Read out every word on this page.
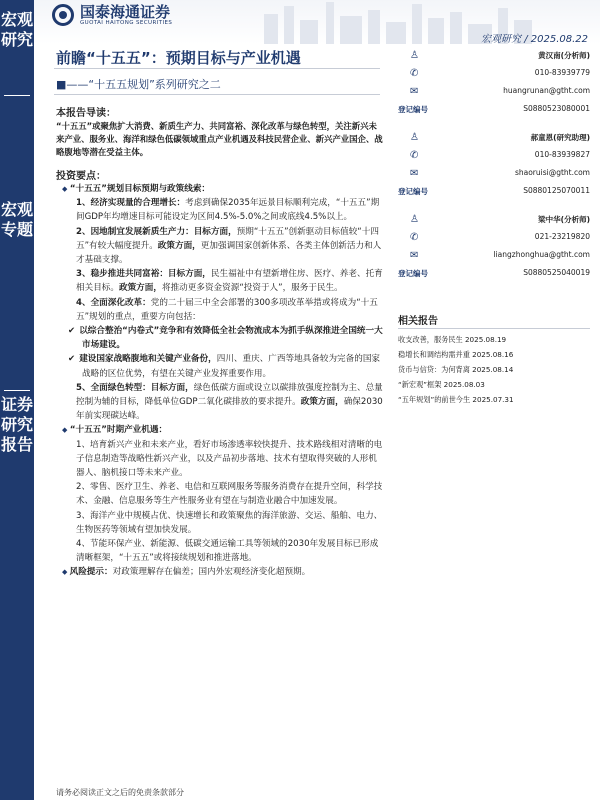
宏观研究
宏观专题
证券研究报告
国泰海通证券
GUOTAI HAITONG SECURITIES
宏观研究 / 2025.08.22
前瞻“十五五”：预期目标与产业机遇
■——“十五五规划”系列研究之二
本报告导读：
“十五五”或聚焦扩大消费、新质生产力、共同富裕、深化改革与绿色转型，关注新兴未来产业、服务业、海洋和绿色低碳领域重点产业机遇及科技民营企业、新兴产业国企、战略腹地等潜在受益主体。
投资要点：

◆ “十五五”规划目标预期与政策线索：

1、经济实现量的合理增长：考虑到确保2035年远景目标顺利完成，“十五五”期间GDP年均增速目标可能设定为区间4.5%-5.0%之间或底线4.5%以上。

2、因地制宜发展新质生产力：目标方面，预期“十五五”创新驱动目标值较“十四五”有较大幅度提升。政策方面，更加强调国家创新体系、各类主体创新活力和人才基础支撑。

3、稳步推进共同富裕：目标方面，民生福祉中有望新增住房、医疗、养老、托育相关目标。政策方面，将推动更多资金资源“投资于人”，服务于民生。

4、全面深化改革：党的二十届三中全会部署的300多项改革举措或将成为“十五五”规划的重点，重要方向包括：

✔ 以综合整治“内卷式”竞争和有效降低全社会物流成本为抓手纵深推进全国统一大市场建设。

✔ 建设国家战略腹地和关键产业备份，四川、重庆、广西等地具备较为完备的国家战略的区位优势，有望在关键产业发挥重要作用。

5、全面绿色转型：目标方面，绿色低碳方面或设立以碳排放强度控制为主、总量控制为辅的目标，降低单位GDP二氧化碳排放的要求提升。政策方面，确保2030年前实现碳达峰。

◆ “十五五”时期产业机遇：

1、培育新兴产业和未来产业，看好市场渗透率较快提升、技术路线相对清晰的电子信息制造等战略性新兴产业，以及产品初步落地、技术有望取得突破的人形机器人、脑机接口等未来产业。

2、零售、医疗卫生、养老、电信和互联网服务等服务消费存在提升空间，科学技术、金融、信息服务等生产性服务业有望在与制造业融合中加速发展。

3、海洋产业中规模占优、快速增长和政策聚焦的海洋旅游、交运、船舶、电力、生物医药等领域有望加快发展。

4、节能环保产业、新能源、低碳交通运输工具等领域的2030年发展目标已形成清晰框架，“十五五”或将接续规划和推进落地。

◆ 风险提示：对政策理解存在偏差；国内外宏观经济变化超预期。

♙	黄汉南(分析师)
✆	010-83939779
✉	huangrunan@gtht.com
登记编号	S0880523080001
♙	郝童恩(研究助理)
✆	010-83939827
✉	shaoruisi@gtht.com
登记编号	S0880125070011
♙	梁中华(分析师)
✆	021-23219820
✉	liangzhonghua@gtht.com
登记编号	S0880525040019
相关报告
收支改善，服务民生 2025.08.19
稳增长和调结构需并重 2025.08.16
货币与信贷：为何背离 2025.08.14
“新宏观”框架 2025.08.03
“五年规划”的前世今生 2025.07.31
请务必阅读正文之后的免责条款部分
